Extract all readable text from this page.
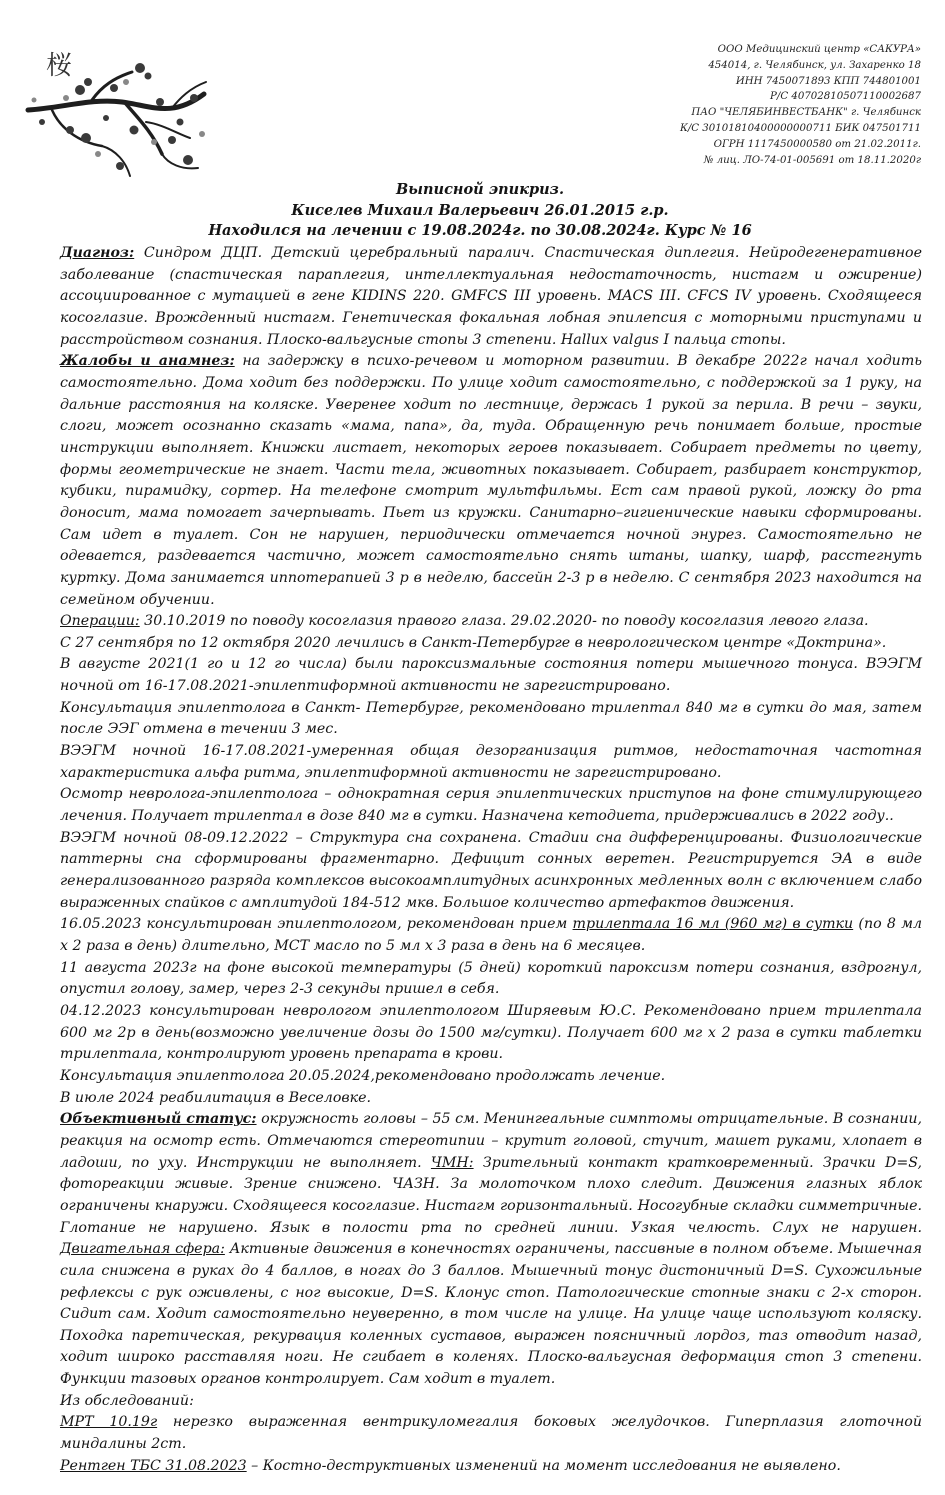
桜
ООО Медицинский центр «САКУРА»
454014, г. Челябинск, ул. Захаренко 18
ИНН 7450071893 КПП 744801001
Р/С 40702810507110002687
ПАО "ЧЕЛЯБИНВЕСТБАНК" г. Челябинск
К/С 30101810400000000711 БИК 047501711
ОГРН 1117450000580 от 21.02.2011г.
№ лиц. ЛО-74-01-005691 от 18.11.2020г
Выписной эпикриз.
Киселев Михаил Валерьевич 26.01.2015 г.р.
Находился на лечении с 19.08.2024г. по 30.08.2024г. Курс № 16

Диагноз: Синдром ДЦП. Детский церебральный паралич. Спастическая диплегия. Нейродегенеративное заболевание (спастическая параплегия, интеллектуальная недостаточность, нистагм и ожирение) ассоциированное с мутацией в гене KIDINS 220. GMFCS III уровень. MACS III. CFCS IV уровень. Сходящееся косоглазие. Врожденный нистагм. Генетическая фокальная лобная эпилепсия с моторными приступами и расстройством сознания. Плоско-вальгусные стопы 3 степени. Hallux valgus I пальца стопы.

Жалобы и анамнез: на задержку в психо-речевом и моторном развитии. В декабре 2022г начал ходить самостоятельно. Дома ходит без поддержки. По улице ходит самостоятельно, с поддержкой за 1 руку, на дальние расстояния на коляске. Уверенее ходит по лестнице, держась 1 рукой за перила. В речи – звуки, слоги, может осознанно сказать «мама, папа», да, туда. Обращенную речь понимает больше, простые инструкции выполняет. Книжки листает, некоторых героев показывает. Собирает предметы по цвету, формы геометрические не знает. Части тела, животных показывает. Собирает, разбирает конструктор, кубики, пирамидку, сортер. На телефоне смотрит мультфильмы. Ест сам правой рукой, ложку до рта доносит, мама помогает зачерпывать. Пьет из кружки. Санитарно–гигиенические навыки сформированы. Сам идет в туалет. Сон не нарушен, периодически отмечается ночной энурез. Самостоятельно не одевается, раздевается частично, может самостоятельно снять штаны, шапку, шарф, расстегнуть куртку. Дома занимается иппотерапией 3 р в неделю, бассейн 2-3 р в неделю. С сентября 2023 находится на семейном обучении.

Операции: 30.10.2019 по поводу косоглазия правого глаза. 29.02.2020- по поводу косоглазия левого глаза.

С 27 сентября по 12 октября 2020 лечились в Санкт-Петербурге в неврологическом центре «Доктрина».

В августе 2021(1 го и 12 го числа) были пароксизмальные состояния потери мышечного тонуса. ВЭЭГМ ночной от 16-17.08.2021-эпилептиформной активности не зарегистрировано.

Консультация эпилептолога в Санкт- Петербурге, рекомендовано трилептал 840 мг в сутки до мая, затем после ЭЭГ отмена в течении 3 мес.

ВЭЭГМ ночной 16-17.08.2021-умеренная общая дезорганизация ритмов, недостаточная частотная характеристика альфа ритма, эпилептиформной активности не зарегистрировано.

Осмотр невролога-эпилептолога – однократная серия эпилептических приступов на фоне стимулирующего лечения. Получает трилептал в дозе 840 мг в сутки. Назначена кетодиета, придерживались в 2022 году..

ВЭЭГМ ночной 08-09.12.2022 – Структура сна сохранена. Стадии сна дифференцированы. Физиологические паттерны сна сформированы фрагментарно. Дефицит сонных веретен. Регистрируется ЭА в виде генерализованного разряда комплексов высокоамплитудных асинхронных медленных волн с включением слабо выраженных спайков с амплитудой 184-512 мкв. Большое количество артефактов движения.

16.05.2023 консультирован эпилептологом, рекомендован прием трилептала 16 мл (960 мг) в сутки (по 8 мл х 2 раза в день) длительно, МСТ масло по 5 мл х 3 раза в день на 6 месяцев.

11 августа 2023г на фоне высокой температуры (5 дней) короткий пароксизм потери сознания, вздрогнул, опустил голову, замер, через 2-3 секунды пришел в себя.

04.12.2023 консультирован неврологом эпилептологом Ширяевым Ю.С. Рекомендовано прием трилептала 600 мг 2р в день(возможно увеличение дозы до 1500 мг/сутки). Получает 600 мг х 2 раза в сутки таблетки трилептала, контролируют уровень препарата в крови.

Консультация эпилептолога 20.05.2024,рекомендовано продолжать лечение.

В июле 2024 реабилитация в Веселовке.

Объективный статус: окружность головы – 55 см. Менингеальные симптомы отрицательные. В сознании, реакция на осмотр есть. Отмечаются стереотипии – крутит головой, стучит, машет руками, хлопает в ладоши, по уху. Инструкции не выполняет. ЧМН: Зрительный контакт кратковременный. Зрачки D=S, фотореакции живые. Зрение снижено. ЧАЗН. За молоточком плохо следит. Движения глазных яблок ограничены кнаружи. Сходящееся косоглазие. Нистагм горизонтальный. Носогубные складки симметричные. Глотание не нарушено. Язык в полости рта по средней линии. Узкая челюсть. Слух не нарушен. Двигательная сфера: Активные движения в конечностях ограничены, пассивные в полном объеме. Мышечная сила снижена в руках до 4 баллов, в ногах до 3 баллов. Мышечный тонус дистоничный D=S. Сухожильные рефлексы с рук оживлены, с ног высокие, D=S. Клонус стоп. Патологические стопные знаки с 2-х сторон. Сидит сам. Ходит самостоятельно неуверенно, в том числе на улице. На улице чаще используют коляску. Походка паретическая, рекурвация коленных суставов, выражен поясничный лордоз, таз отводит назад, ходит широко расставляя ноги. Не сгибает в коленях. Плоско-вальгусная деформация стоп 3 степени. Функции тазовых органов контролирует. Сам ходит в туалет.

Из обследований:

МРТ 10.19г нерезко выраженная вентрикуломегалия боковых желудочков. Гиперплазия глоточной миндалины 2ст.

Рентген ТБС 31.08.2023 – Костно-деструктивных изменений на момент исследования не выявлено.
